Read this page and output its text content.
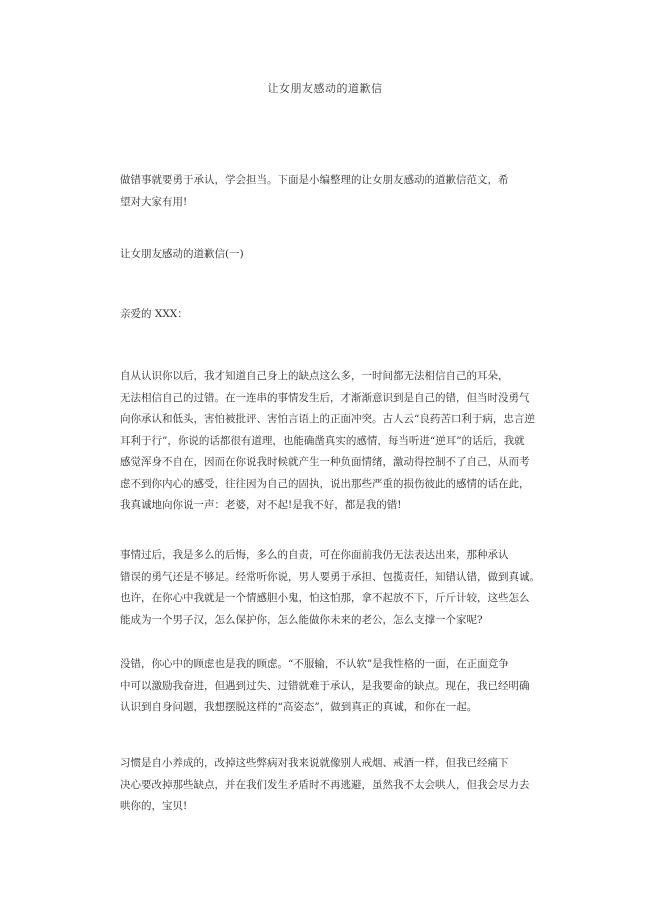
让女朋友感动的道歉信
做错事就要勇于承认，学会担当。下面是小编整理的让女朋友感动的道歉信范文，希
望对大家有用!
让女朋友感动的道歉信(一)
亲爱的 XXX：
自从认识你以后，我才知道自己身上的缺点这么多，一时间都无法相信自己的耳朵，
无法相信自己的过错。在一连串的事情发生后，才渐渐意识到是自己的错，但当时没勇气
向你承认和低头，害怕被批评、害怕言语上的正面冲突。古人云“良药苦口利于病，忠言逆
耳利于行”，你说的话都很有道理，也能确凿真实的感情，每当听进“逆耳”的话后，我就
感觉浑身不自在，因而在你说我时候就产生一种负面情绪，激动得控制不了自己，从而考
虑不到你内心的感受，往往因为自己的固执，说出那些严重的损伤彼此的感情的话在此，
我真诚地向你说一声：老婆，对不起!是我不好，都是我的错!
事情过后，我是多么的后悔，多么的自责，可在你面前我仍无法表达出来，那种承认
错误的勇气还是不够足。经常听你说，男人要勇于承担、包揽责任，知错认错，做到真诚。
也许，在你心中我就是一个情感胆小鬼，怕这怕那，拿不起放不下，斤斤计较，这些怎么
能成为一个男子汉，怎么保护你，怎么能做你未来的老公，怎么支撑一个家呢?
没错，你心中的顾虑也是我的顾虑。“不服输，不认软”是我性格的一面，在正面竞争
中可以激励我奋进，但遇到过失、过错就难于承认，是我要命的缺点。现在，我已经明确
认识到自身问题，我想摆脱这样的“高姿态”，做到真正的真诚，和你在一起。
习惯是自小养成的，改掉这些弊病对我来说就像别人戒烟、戒酒一样，但我已经痛下
决心要改掉那些缺点，并在我们发生矛盾时不再逃避，虽然我不太会哄人，但我会尽力去
哄你的，宝贝!
